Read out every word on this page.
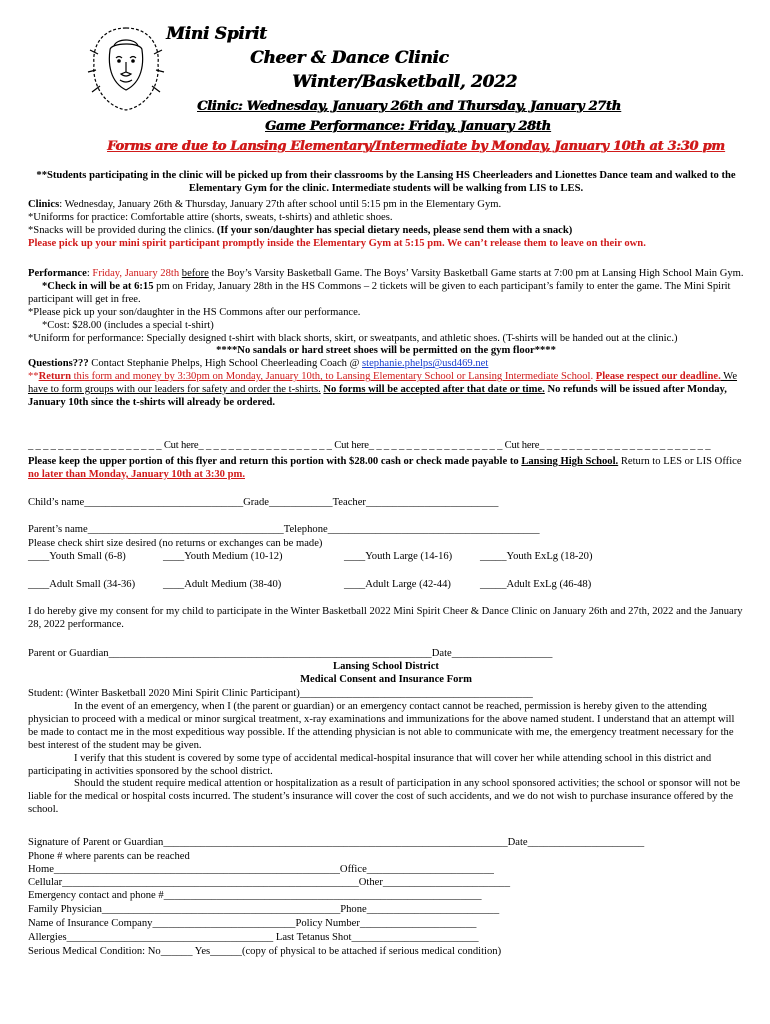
Mini Spirit
Cheer & Dance Clinic
Winter/Basketball, 2022
Clinic: Wednesday, January 26th and Thursday, January 27th
Game Performance: Friday, January 28th
Forms are due to Lansing Elementary/Intermediate by Monday, January 10th at 3:30 pm
**Students participating in the clinic will be picked up from their classrooms by the Lansing HS Cheerleaders and Lionettes Dance team and walked to the Elementary Gym for the clinic. Intermediate students will be walking from LIS to LES.
Clinics: Wednesday, January 26th & Thursday, January 27th after school until 5:15 pm in the Elementary Gym.
*Uniforms for practice: Comfortable attire (shorts, sweats, t-shirts) and athletic shoes.
*Snacks will be provided during the clinics. (If your son/daughter has special dietary needs, please send them with a snack)
Please pick up your mini spirit participant promptly inside the Elementary Gym at 5:15 pm. We can’t release them to leave on their own.
Performance: Friday, January 28th before the Boy’s Varsity Basketball Game. The Boys’ Varsity Basketball Game starts at 7:00 pm at Lansing High School Main Gym.
*Check in will be at 6:15 pm on Friday, January 28th in the HS Commons – 2 tickets will be given to each participant’s family to enter the game. The Mini Spirit participant will get in free.
*Please pick up your son/daughter in the HS Commons after our performance.
*Cost: $28.00 (includes a special t-shirt)
*Uniform for performance: Specially designed t-shirt with black shorts, skirt, or sweatpants, and athletic shoes. (T-shirts will be handed out at the clinic.)
****No sandals or hard street shoes will be permitted on the gym floor****
Questions??? Contact Stephanie Phelps, High School Cheerleading Coach @ stephanie.phelps@usd469.net
**Return this form and money by 3:30pm on Monday, January 10th, to Lansing Elementary School or Lansing Intermediate School. Please respect our deadline. We have to form groups with our leaders for safety and order the t-shirts. No forms will be accepted after that date or time. No refunds will be issued after Monday, January 10th since the t-shirts will already be ordered.
_ _ _ _ _ _ _ _ _ _ _ _ _ _ _ _ _ _ Cut here_ _ _ _ _ _ _ _ _ _ _ _ _ _ _ _ _ _ Cut here_ _ _ _ _ _ _ _ _ _ _ _ _ _ _ _ _ _ Cut here_ _ _ _ _ _ _ _ _ _ _ _ _ _ _ _ _ _ _ _ _ _ _
Please keep the upper portion of this flyer and return this portion with $28.00 cash or check made payable to Lansing High School. Return to LES or LIS Office no later than Monday, January 10th at 3:30 pm.
Child’s name______________________________Grade____________Teacher_________________________
Parent’s name_____________________________________Telephone________________________________________
Please check shirt size desired (no returns or exchanges can be made)
____Youth Small (6-8)	____Youth Medium (10-12)	____Youth Large (14-16)	_____Youth ExLg (18-20)
____Adult Small (34-36)	____Adult Medium (38-40)	____Adult Large (42-44)	_____Adult ExLg (46-48)
I do hereby give my consent for my child to participate in the Winter Basketball 2022 Mini Spirit Cheer & Dance Clinic on January 26th and 27th, 2022 and the January 28, 2022 performance.
Parent or Guardian_____________________________________________________________Date___________________
Lansing School District
Medical Consent and Insurance Form
Student: (Winter Basketball 2020 Mini Spirit Clinic Participant)____________________________________________
In the event of an emergency, when I (the parent or guardian) or an emergency contact cannot be reached, permission is hereby given to the attending physician to proceed with a medical or minor surgical treatment, x-ray examinations and immunizations for the above named student. I understand that an attempt will be made to contact me in the most expeditious way possible. If the attending physician is not able to communicate with me, the emergency treatment necessary for the best interest of the student may be given.
I verify that this student is covered by some type of accidental medical-hospital insurance that will cover her while attending school in this district and participating in activities sponsored by the school district.
Should the student require medical attention or hospitalization as a result of participation in any school sponsored activities; the school or sponsor will not be liable for the medical or hospital costs incurred. The student’s insurance will cover the cost of such accidents, and we do not wish to purchase insurance offered by the school.
Signature of Parent or Guardian_________________________________________________________________Date______________________
Phone # where parents can be reached
Home______________________________________________________Office________________________
Cellular________________________________________________________Other________________________
Emergency contact and phone #____________________________________________________________
Family Physician_____________________________________________Phone_________________________
Name of Insurance Company___________________________Policy Number______________________
Allergies_______________________________________ Last Tetanus Shot________________________
Serious Medical Condition: No______ Yes______(copy of physical to be attached if serious medical condition)
